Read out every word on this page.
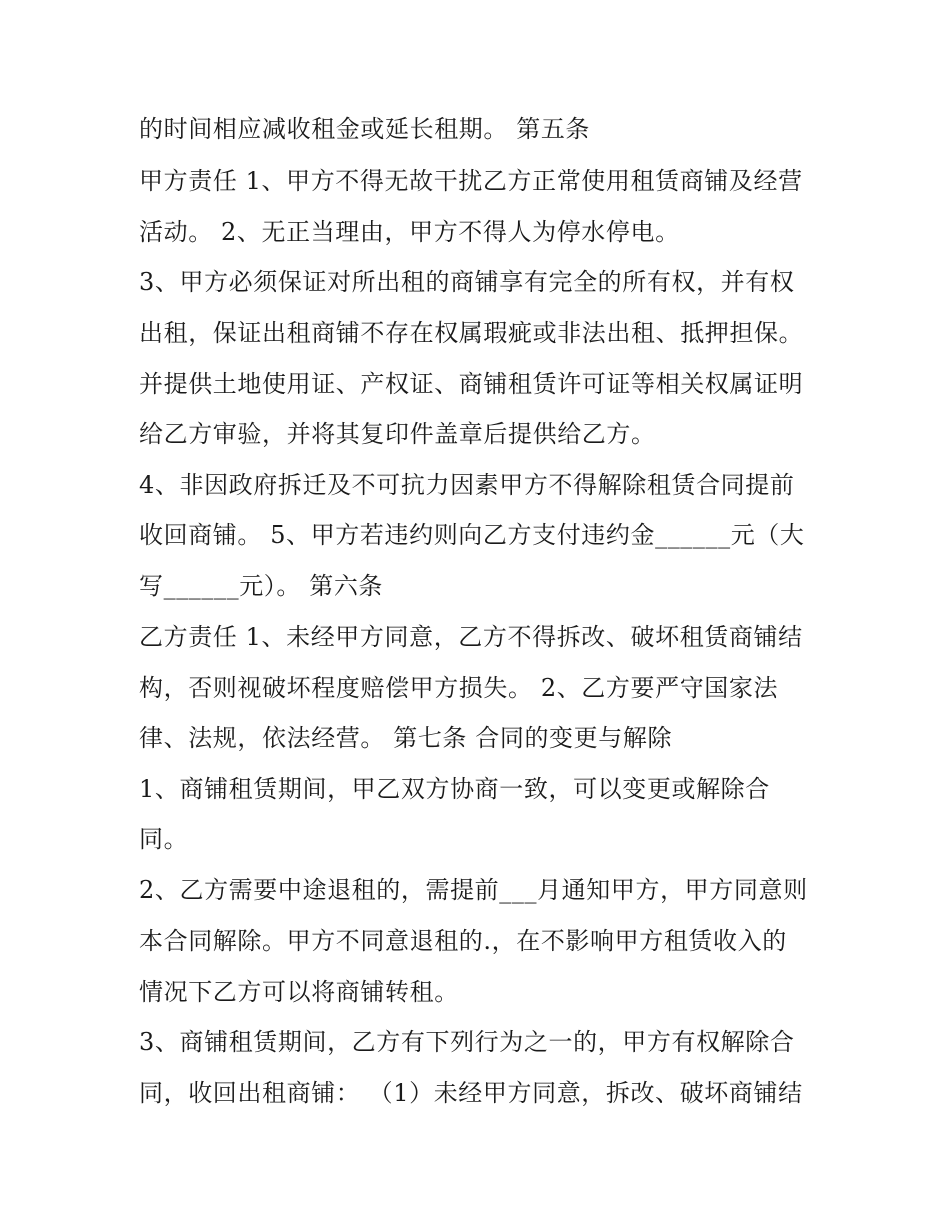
的时间相应减收租金或延长租期。 第五条
甲方责任 1、甲方不得无故干扰乙方正常使用租赁商铺及经营
活动。 2、无正当理由，甲方不得人为停水停电。
3、甲方必须保证对所出租的商铺享有完全的所有权，并有权
出租，保证出租商铺不存在权属瑕疵或非法出租、抵押担保。
并提供土地使用证、产权证、商铺租赁许可证等相关权属证明
给乙方审验，并将其复印件盖章后提供给乙方。
4、非因政府拆迁及不可抗力因素甲方不得解除租赁合同提前
收回商铺。 5、甲方若违约则向乙方支付违约金______元（大
写______元）。 第六条
乙方责任 1、未经甲方同意，乙方不得拆改、破坏租赁商铺结
构，否则视破坏程度赔偿甲方损失。 2、乙方要严守国家法
律、法规，依法经营。 第七条 合同的变更与解除
1、商铺租赁期间，甲乙双方协商一致，可以变更或解除合
同。
2、乙方需要中途退租的，需提前___月通知甲方，甲方同意则
本合同解除。甲方不同意退租的.，在不影响甲方租赁收入的
情况下乙方可以将商铺转租。
3、商铺租赁期间，乙方有下列行为之一的，甲方有权解除合
同，收回出租商铺： （1）未经甲方同意，拆改、破坏商铺结
